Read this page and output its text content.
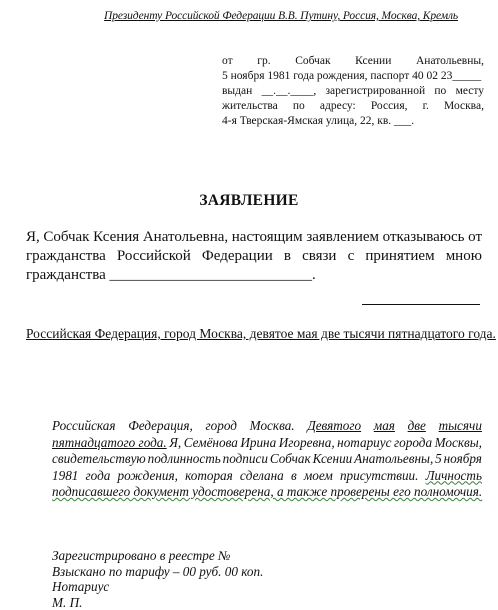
Президенту Российской Федерации В.В. Путину, Россия, Москва, Кремль
от гр. Собчак Ксении Анатольевны,
5 ноября 1981 года рождения, паспорт 40 02 23_____
выдан __.__.____, зарегистрированной по месту
жительства по адресу: Россия, г. Москва,
4-я Тверская-Ямская улица, 22, кв. ___.
ЗАЯВЛЕНИЕ
Я, Собчак Ксения Анатольевна, настоящим заявлением отказываюсь от
гражданства Российской Федерации в связи с принятием мною
гражданства ___________________________.
Российская Федерация, город Москва, девятое мая две тысячи пятнадцатого года.
Российская Федерация, город Москва. Девятого мая две тысячи
пятнадцатого года. Я, Семёнова Ирина Игоревна, нотариус города Москвы,
свидетельствую подлинность подписи Собчак Ксении Анатольевны, 5 ноября
1981 года рождения, которая сделана в моем присутствии. Личность
подписавшего документ удостоверена, а также проверены его полномочия.
Зарегистрировано в реестре №
Взыскано по тарифу – 00 руб. 00 коп.
Нотариус
М. П.
